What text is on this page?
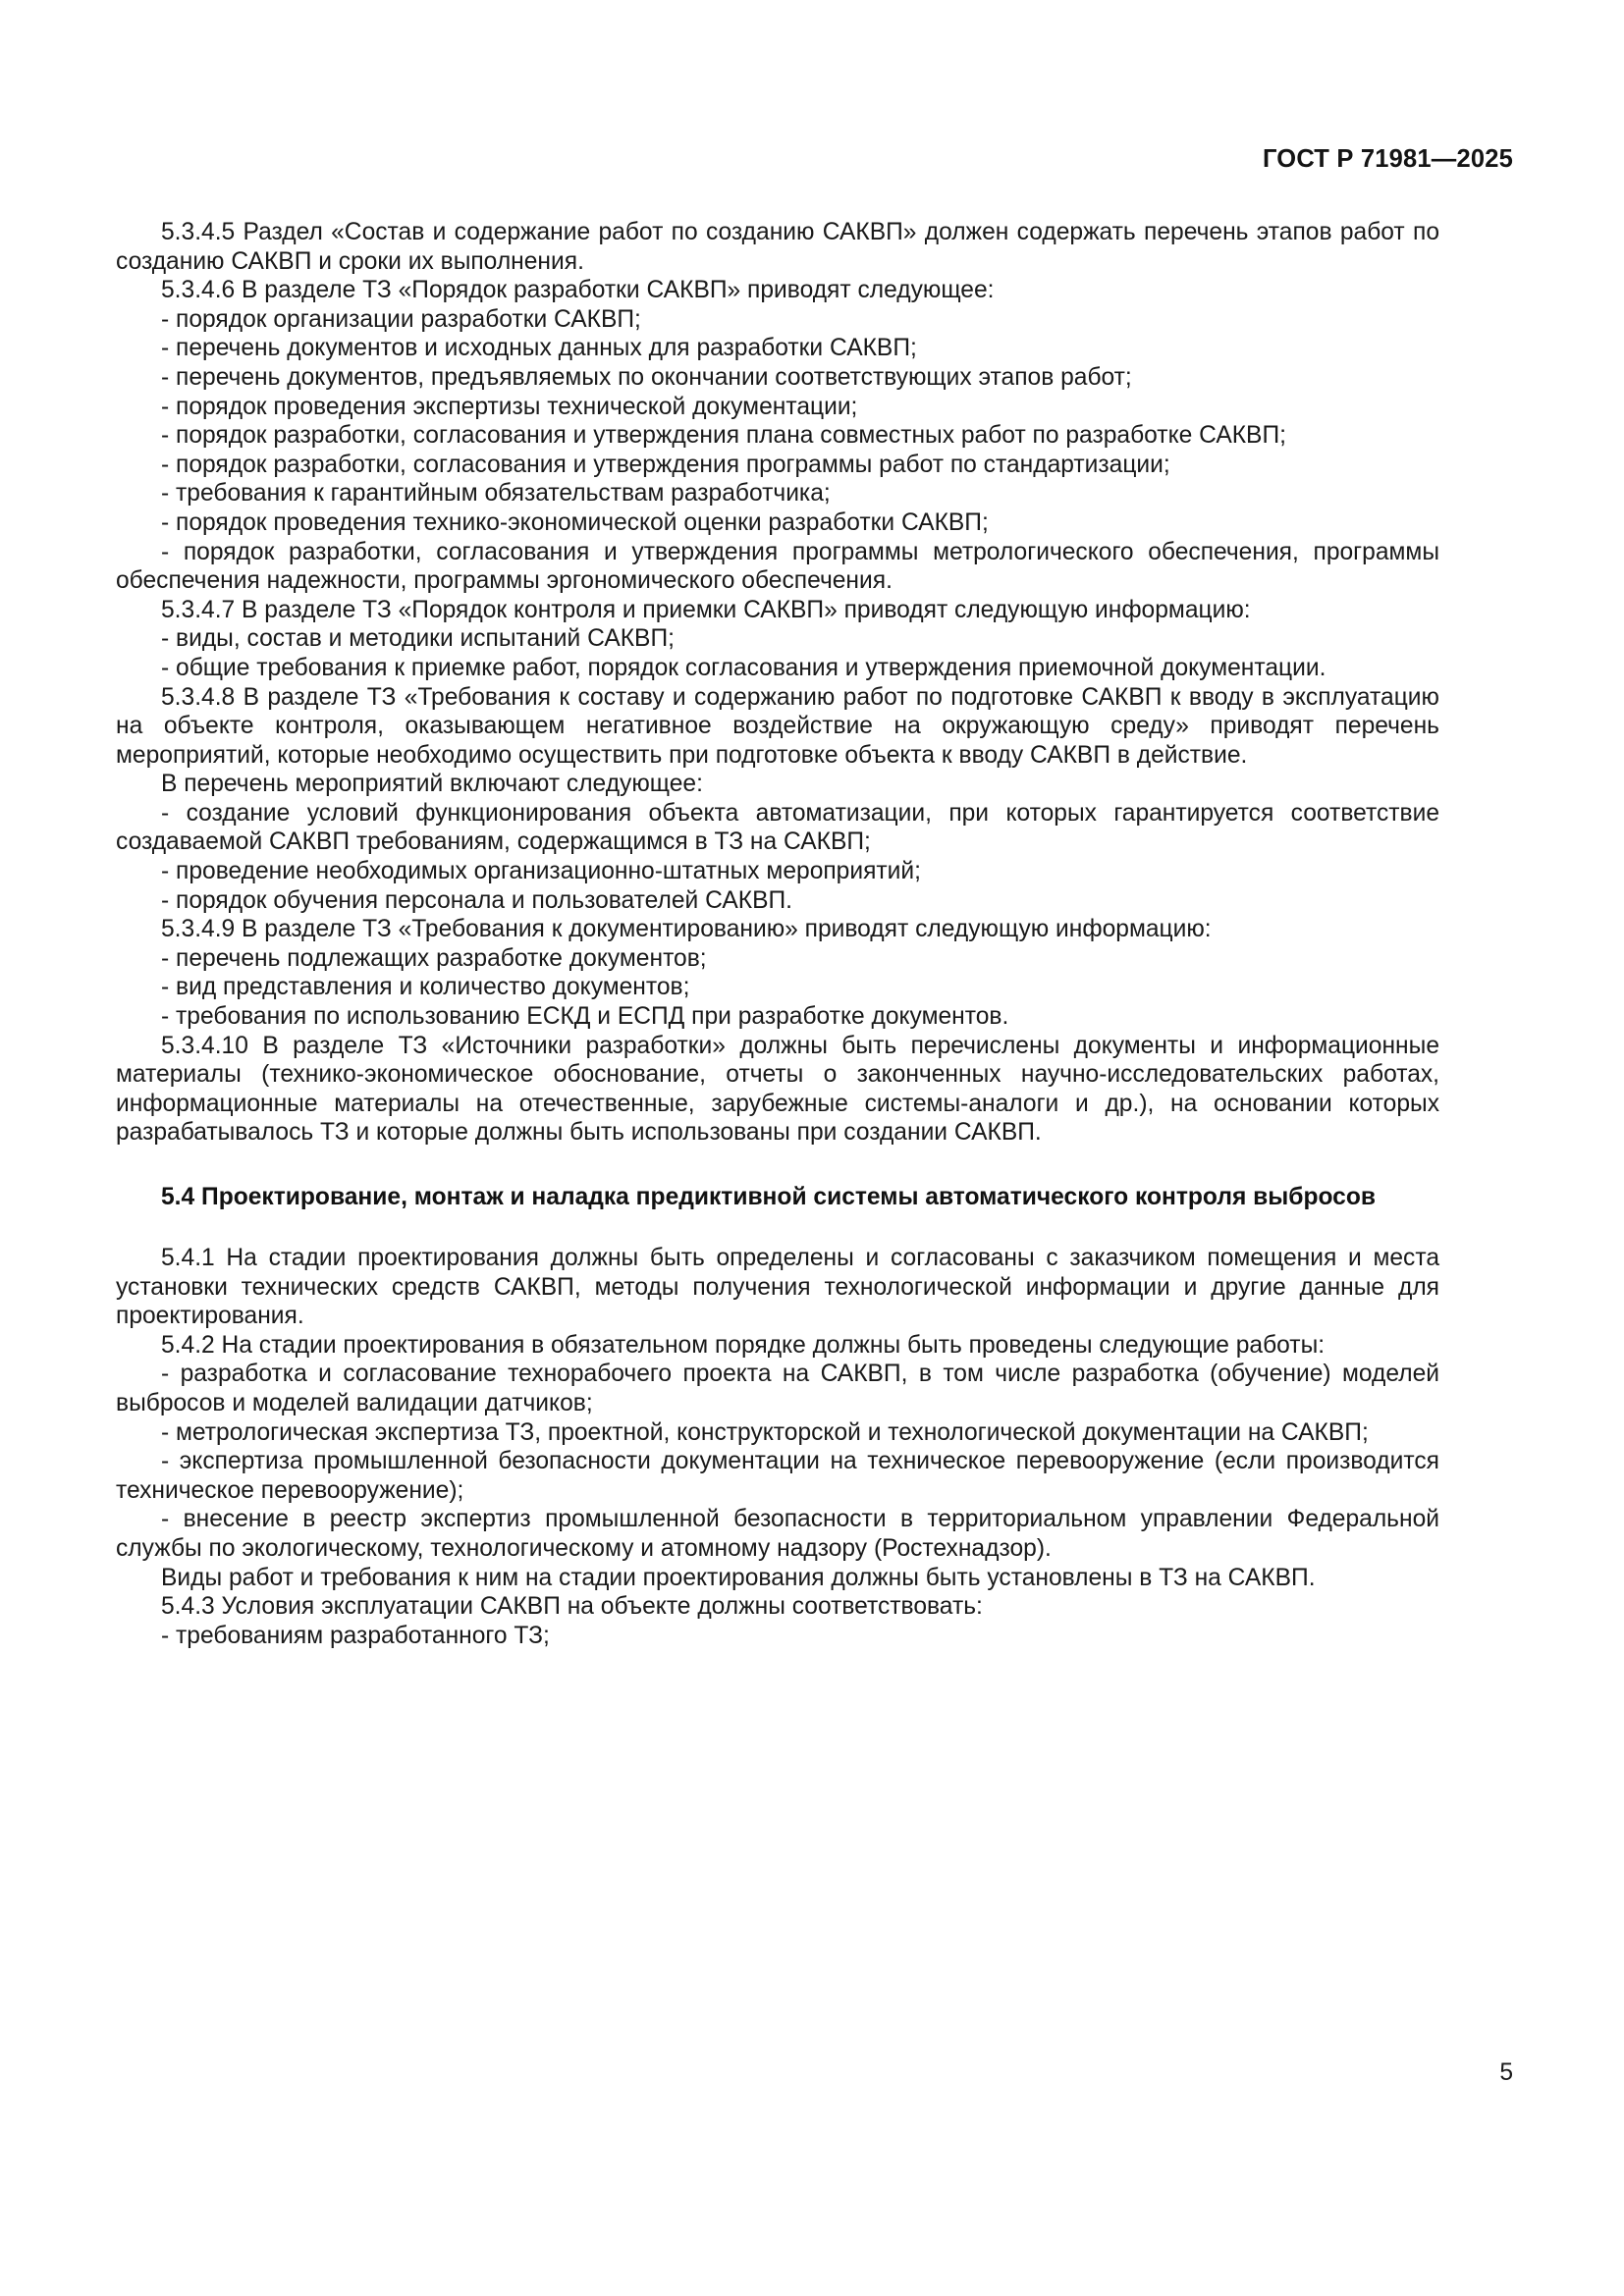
ГОСТ Р 71981—2025

5.3.4.5 Раздел «Состав и содержание работ по созданию САКВП» должен содержать перечень этапов работ по созданию САКВП и сроки их выполнения.

5.3.4.6 В разделе ТЗ «Порядок разработки САКВП» приводят следующее:

- порядок организации разработки САКВП;

- перечень документов и исходных данных для разработки САКВП;

- перечень документов, предъявляемых по окончании соответствующих этапов работ;

- порядок проведения экспертизы технической документации;

- порядок разработки, согласования и утверждения плана совместных работ по разработке САКВП;

- порядок разработки, согласования и утверждения программы работ по стандартизации;

- требования к гарантийным обязательствам разработчика;

- порядок проведения технико-экономической оценки разработки САКВП;

- порядок разработки, согласования и утверждения программы метрологического обеспечения, программы обеспечения надежности, программы эргономического обеспечения.

5.3.4.7 В разделе ТЗ «Порядок контроля и приемки САКВП» приводят следующую информацию:

- виды, состав и методики испытаний САКВП;

- общие требования к приемке работ, порядок согласования и утверждения приемочной документации.

5.3.4.8 В разделе ТЗ «Требования к составу и содержанию работ по подготовке САКВП к вводу в эксплуатацию на объекте контроля, оказывающем негативное воздействие на окружающую среду» приводят перечень мероприятий, которые необходимо осуществить при подготовке объекта к вводу САКВП в действие.

В перечень мероприятий включают следующее:

- создание условий функционирования объекта автоматизации, при которых гарантируется соответствие создаваемой САКВП требованиям, содержащимся в ТЗ на САКВП;

- проведение необходимых организационно-штатных мероприятий;

- порядок обучения персонала и пользователей САКВП.

5.3.4.9 В разделе ТЗ «Требования к документированию» приводят следующую информацию:

- перечень подлежащих разработке документов;

- вид представления и количество документов;

- требования по использованию ЕСКД и ЕСПД при разработке документов.

5.3.4.10 В разделе ТЗ «Источники разработки» должны быть перечислены документы и информационные материалы (технико-экономическое обоснование, отчеты о законченных научно-исследовательских работах, информационные материалы на отечественные, зарубежные системы-аналоги и др.), на основании которых разрабатывалось ТЗ и которые должны быть использованы при создании САКВП.

5.4 Проектирование, монтаж и наладка предиктивной системы автоматического контроля выбросов

5.4.1 На стадии проектирования должны быть определены и согласованы с заказчиком помещения и места установки технических средств САКВП, методы получения технологической информации и другие данные для проектирования.

5.4.2 На стадии проектирования в обязательном порядке должны быть проведены следующие работы:

- разработка и согласование технорабочего проекта на САКВП, в том числе разработка (обучение) моделей выбросов и моделей валидации датчиков;

- метрологическая экспертиза ТЗ, проектной, конструкторской и технологической документации на САКВП;

- экспертиза промышленной безопасности документации на техническое перевооружение (если производится техническое перевооружение);

- внесение в реестр экспертиз промышленной безопасности в территориальном управлении Федеральной службы по экологическому, технологическому и атомному надзору (Ростехнадзор).

Виды работ и требования к ним на стадии проектирования должны быть установлены в ТЗ на САКВП.

5.4.3 Условия эксплуатации САКВП на объекте должны соответствовать:

- требованиям разработанного ТЗ;

5
